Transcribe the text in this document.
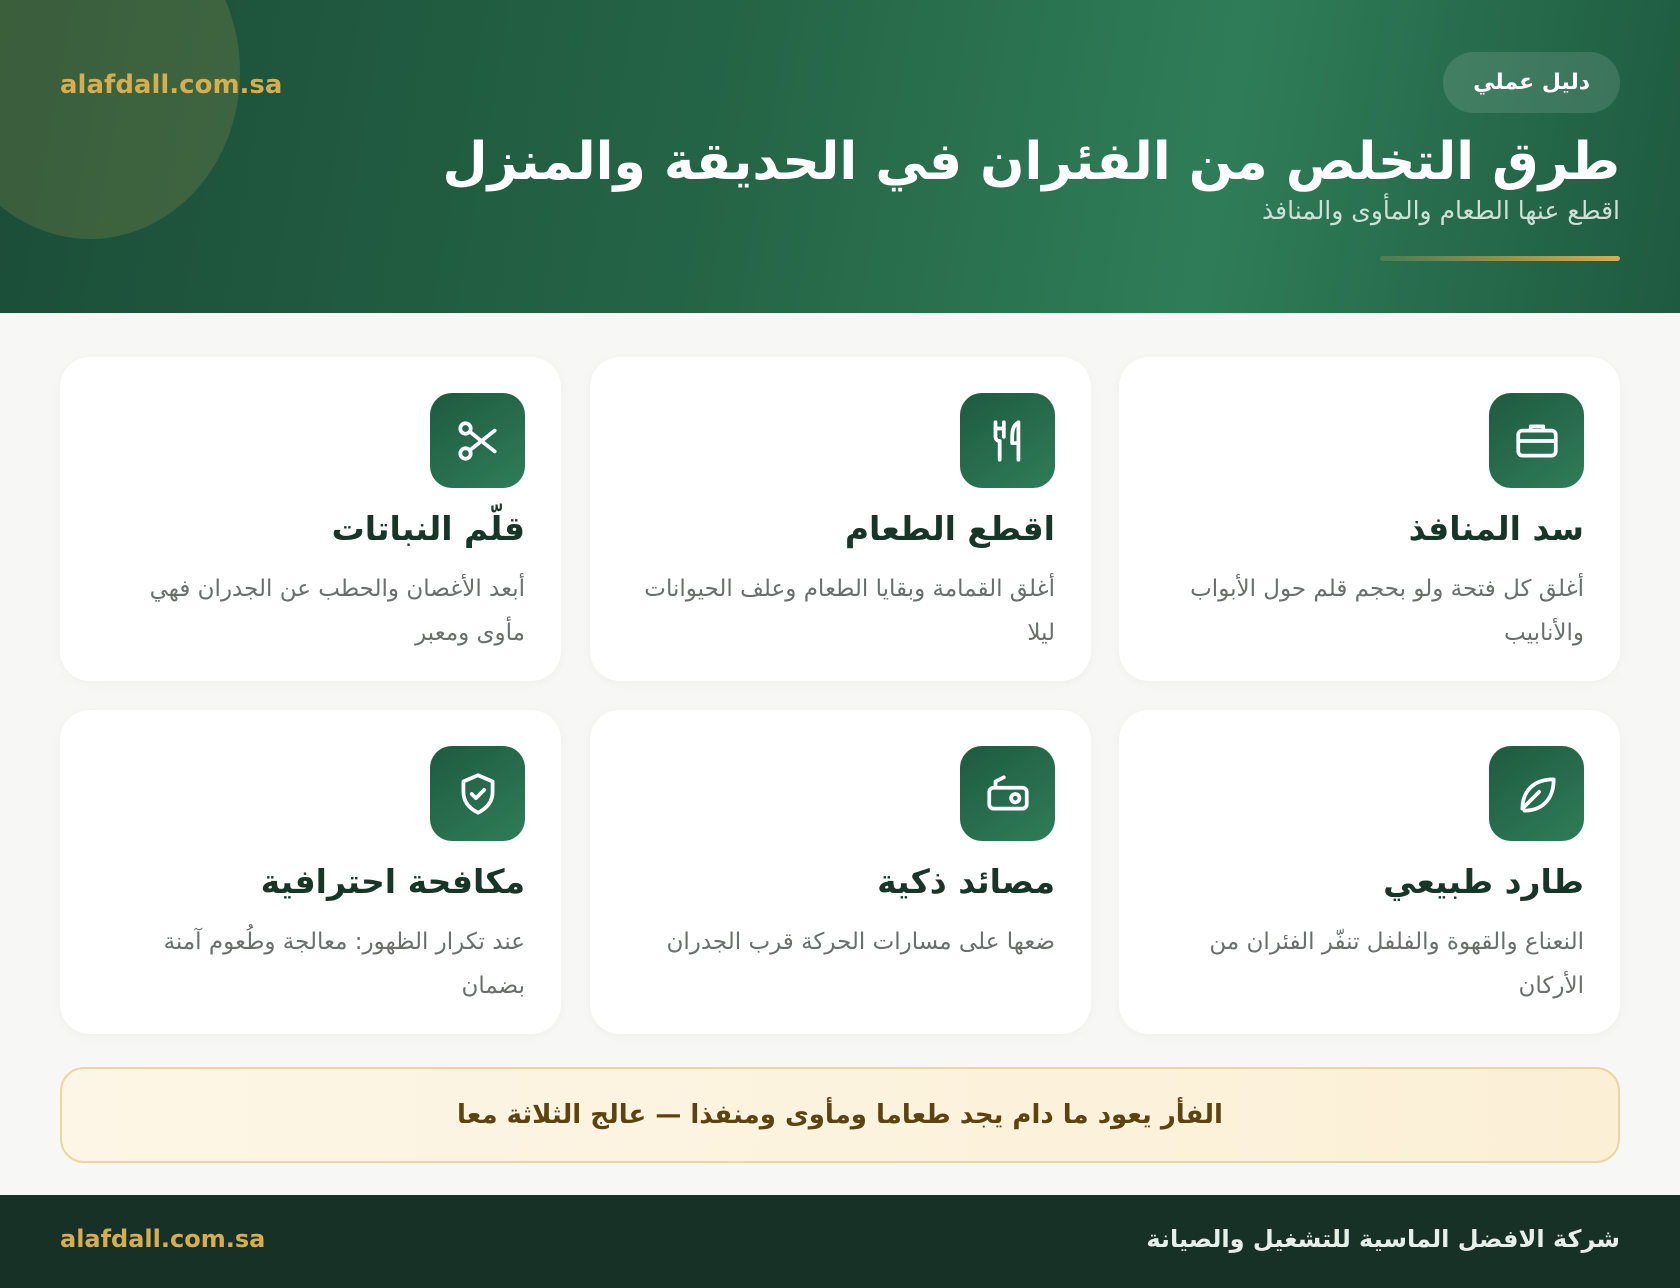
alafdall.com.sa	دليل عملي
طرق التخلص من الفئران في الحديقة والمنزل
اقطع عنها الطعام والمأوى والمنافذ
سد المنافذ
أغلق كل فتحة ولو بحجم قلم حول الأبواب والأنابيب
اقطع الطعام
أغلق القمامة وبقايا الطعام وعلف الحيوانات ليلا
قلّم النباتات
أبعد الأغصان والحطب عن الجدران فهي مأوى ومعبر
طارد طبيعي
النعناع والقهوة والفلفل تنفّر الفئران من الأركان
مصائد ذكية
ضعها على مسارات الحركة قرب الجدران
مكافحة احترافية
عند تكرار الظهور: معالجة وطُعوم آمنة بضمان
الفأر يعود ما دام يجد طعاما ومأوى ومنفذا — عالج الثلاثة معا
alafdall.com.sa	شركة الافضل الماسية للتشغيل والصيانة
